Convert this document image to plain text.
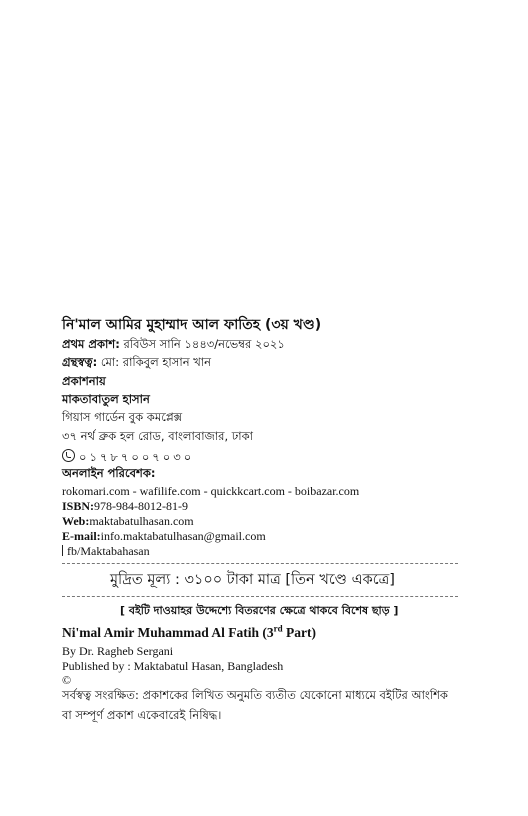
নি'মাল আমির মুহাম্মাদ আল ফাতিহ (৩য় খণ্ড)
প্রথম প্রকাশ: রবিউস সানি ১৪৪৩/নভেম্বর ২০২১
গ্রন্থস্বত্ব: মো: রাকিবুল হাসান খান
প্রকাশনায়
মাকতাবাতুল হাসান
গিয়াস গার্ডেন বুক কমপ্লেক্স
৩৭ নর্থ ব্রুক হল রোড, বাংলাবাজার, ঢাকা
০১৭৮৭০০৭০৩০
অনলাইন পরিবেশক:
rokomari.com - wafilife.com - quickkcart.com - boibazar.com
ISBN:978-984-8012-81-9
Web:maktabatulhasan.com
E-mail:info.maktabatulhasan@gmail.com
fb/Maktabahasan
মুদ্রিত মূল্য : ৩১০০ টাকা মাত্র [তিন খণ্ডে একত্রে]
[ বইটি দাওয়াহর উদ্দেশ্যে বিতরণের ক্ষেত্রে থাকবে বিশেষ ছাড় ]
Ni'mal Amir Muhammad Al Fatih (3rd Part)
By Dr. Ragheb Sergani
Published by : Maktabatul Hasan, Bangladesh
©
সর্বস্বত্ব সংরক্ষিত: প্রকাশকের লিখিত অনুমতি ব্যতীত যেকোনো মাধ্যমে বইটির আংশিক
বা সম্পূর্ণ প্রকাশ একেবারেই নিষিদ্ধ।
